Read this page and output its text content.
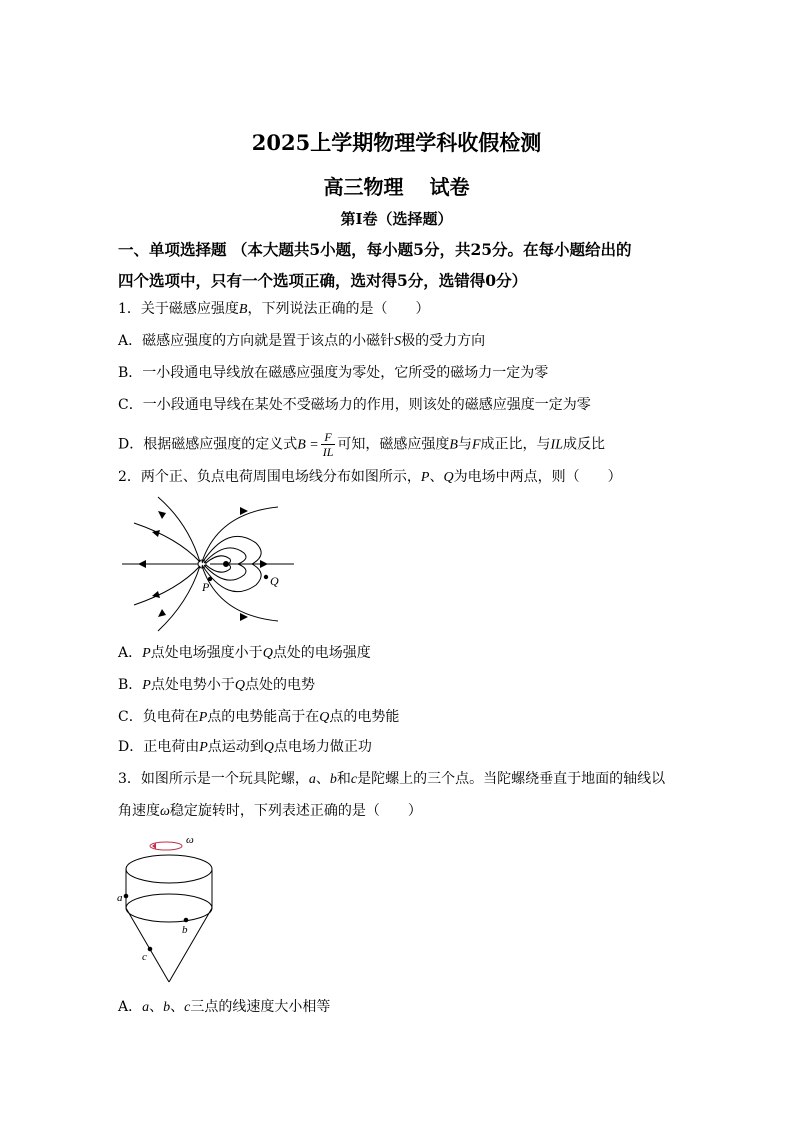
2025上学期物理学科收假检测
高三物理 试卷
第I卷（选择题）
一、单项选择题 （本大题共5小题，每小题5分，共25分。在每小题给出的
四个选项中，只有一个选项正确，选对得5分，选错得0分）
1．关于磁感应强度B，下列说法正确的是（　　）
A．磁感应强度的方向就是置于该点的小磁针S极的受力方向
B．一小段通电导线放在磁感应强度为零处，它所受的磁场力一定为零
C．一小段通电导线在某处不受磁场力的作用，则该处的磁感应强度一定为零
D．根据磁感应强度的定义式$B = \frac{F}{IL}$ 可知，磁感应强度B与F成正比，与IL成反比
2．两个正、负点电荷周围电场线分布如图所示，P、Q为电场中两点，则（　　）
Q
P
A．P点处电场强度小于Q点处的电场强度
B．P点处电势小于Q点处的电势
C．负电荷在P点的电势能高于在Q点的电势能
D．正电荷由P点运动到Q点电场力做正功
3．如图所示是一个玩具陀螺，a、b和c是陀螺上的三个点。当陀螺绕垂直于地面的轴线以
角速度ω稳定旋转时，下列表述正确的是（　　）
ω
a
b
c
A．a、b、c三点的线速度大小相等
